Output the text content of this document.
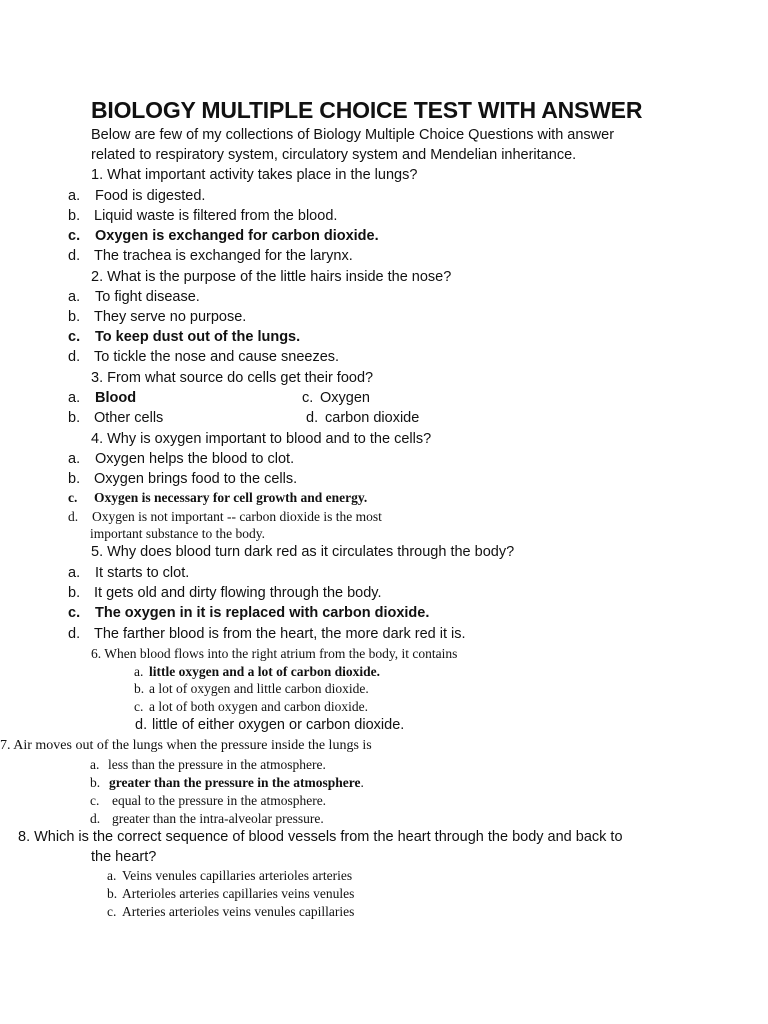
BIOLOGY MULTIPLE CHOICE TEST WITH ANSWER
Below are few of my collections of Biology Multiple Choice Questions with answer
related to respiratory system, circulatory system and Mendelian inheritance.
1. What important activity takes place in the lungs?
a. Food is digested.
b. Liquid waste is filtered from the blood.
c. Oxygen is exchanged for carbon dioxide.
d. The trachea is exchanged for the larynx.
2. What is the purpose of the little hairs inside the nose?
a. To fight disease.
b. They serve no purpose.
c. To keep dust out of the lungs.
d. To tickle the nose and cause sneezes.
3. From what source do cells get their food?
a. Blood	c. Oxygen
b. Other cells	d. carbon dioxide
4. Why is oxygen important to blood and to the cells?
a. Oxygen helps the blood to clot.
b. Oxygen brings food to the cells.
c. Oxygen is necessary for cell growth and energy.
d. Oxygen is not important -- carbon dioxide is the most
important substance to the body.
5. Why does blood turn dark red as it circulates through the body?
a. It starts to clot.
b. It gets old and dirty flowing through the body.
c. The oxygen in it is replaced with carbon dioxide.
d. The farther blood is from the heart, the more dark red it is.
6. When blood flows into the right atrium from the body, it contains
a. little oxygen and a lot of carbon dioxide.
b. a lot of oxygen and little carbon dioxide.
c. a lot of both oxygen and carbon dioxide.
d. little of either oxygen or carbon dioxide.
7. Air moves out of the lungs when the pressure inside the lungs is
a. less than the pressure in the atmosphere.
b. greater than the pressure in the atmosphere.
c. equal to the pressure in the atmosphere.
d. greater than the intra-alveolar pressure.
8. Which is the correct sequence of blood vessels from the heart through the body and back to
the heart?
a. Veins venules capillaries arterioles arteries
b. Arterioles arteries capillaries veins venules
c. Arteries arterioles veins venules capillaries
